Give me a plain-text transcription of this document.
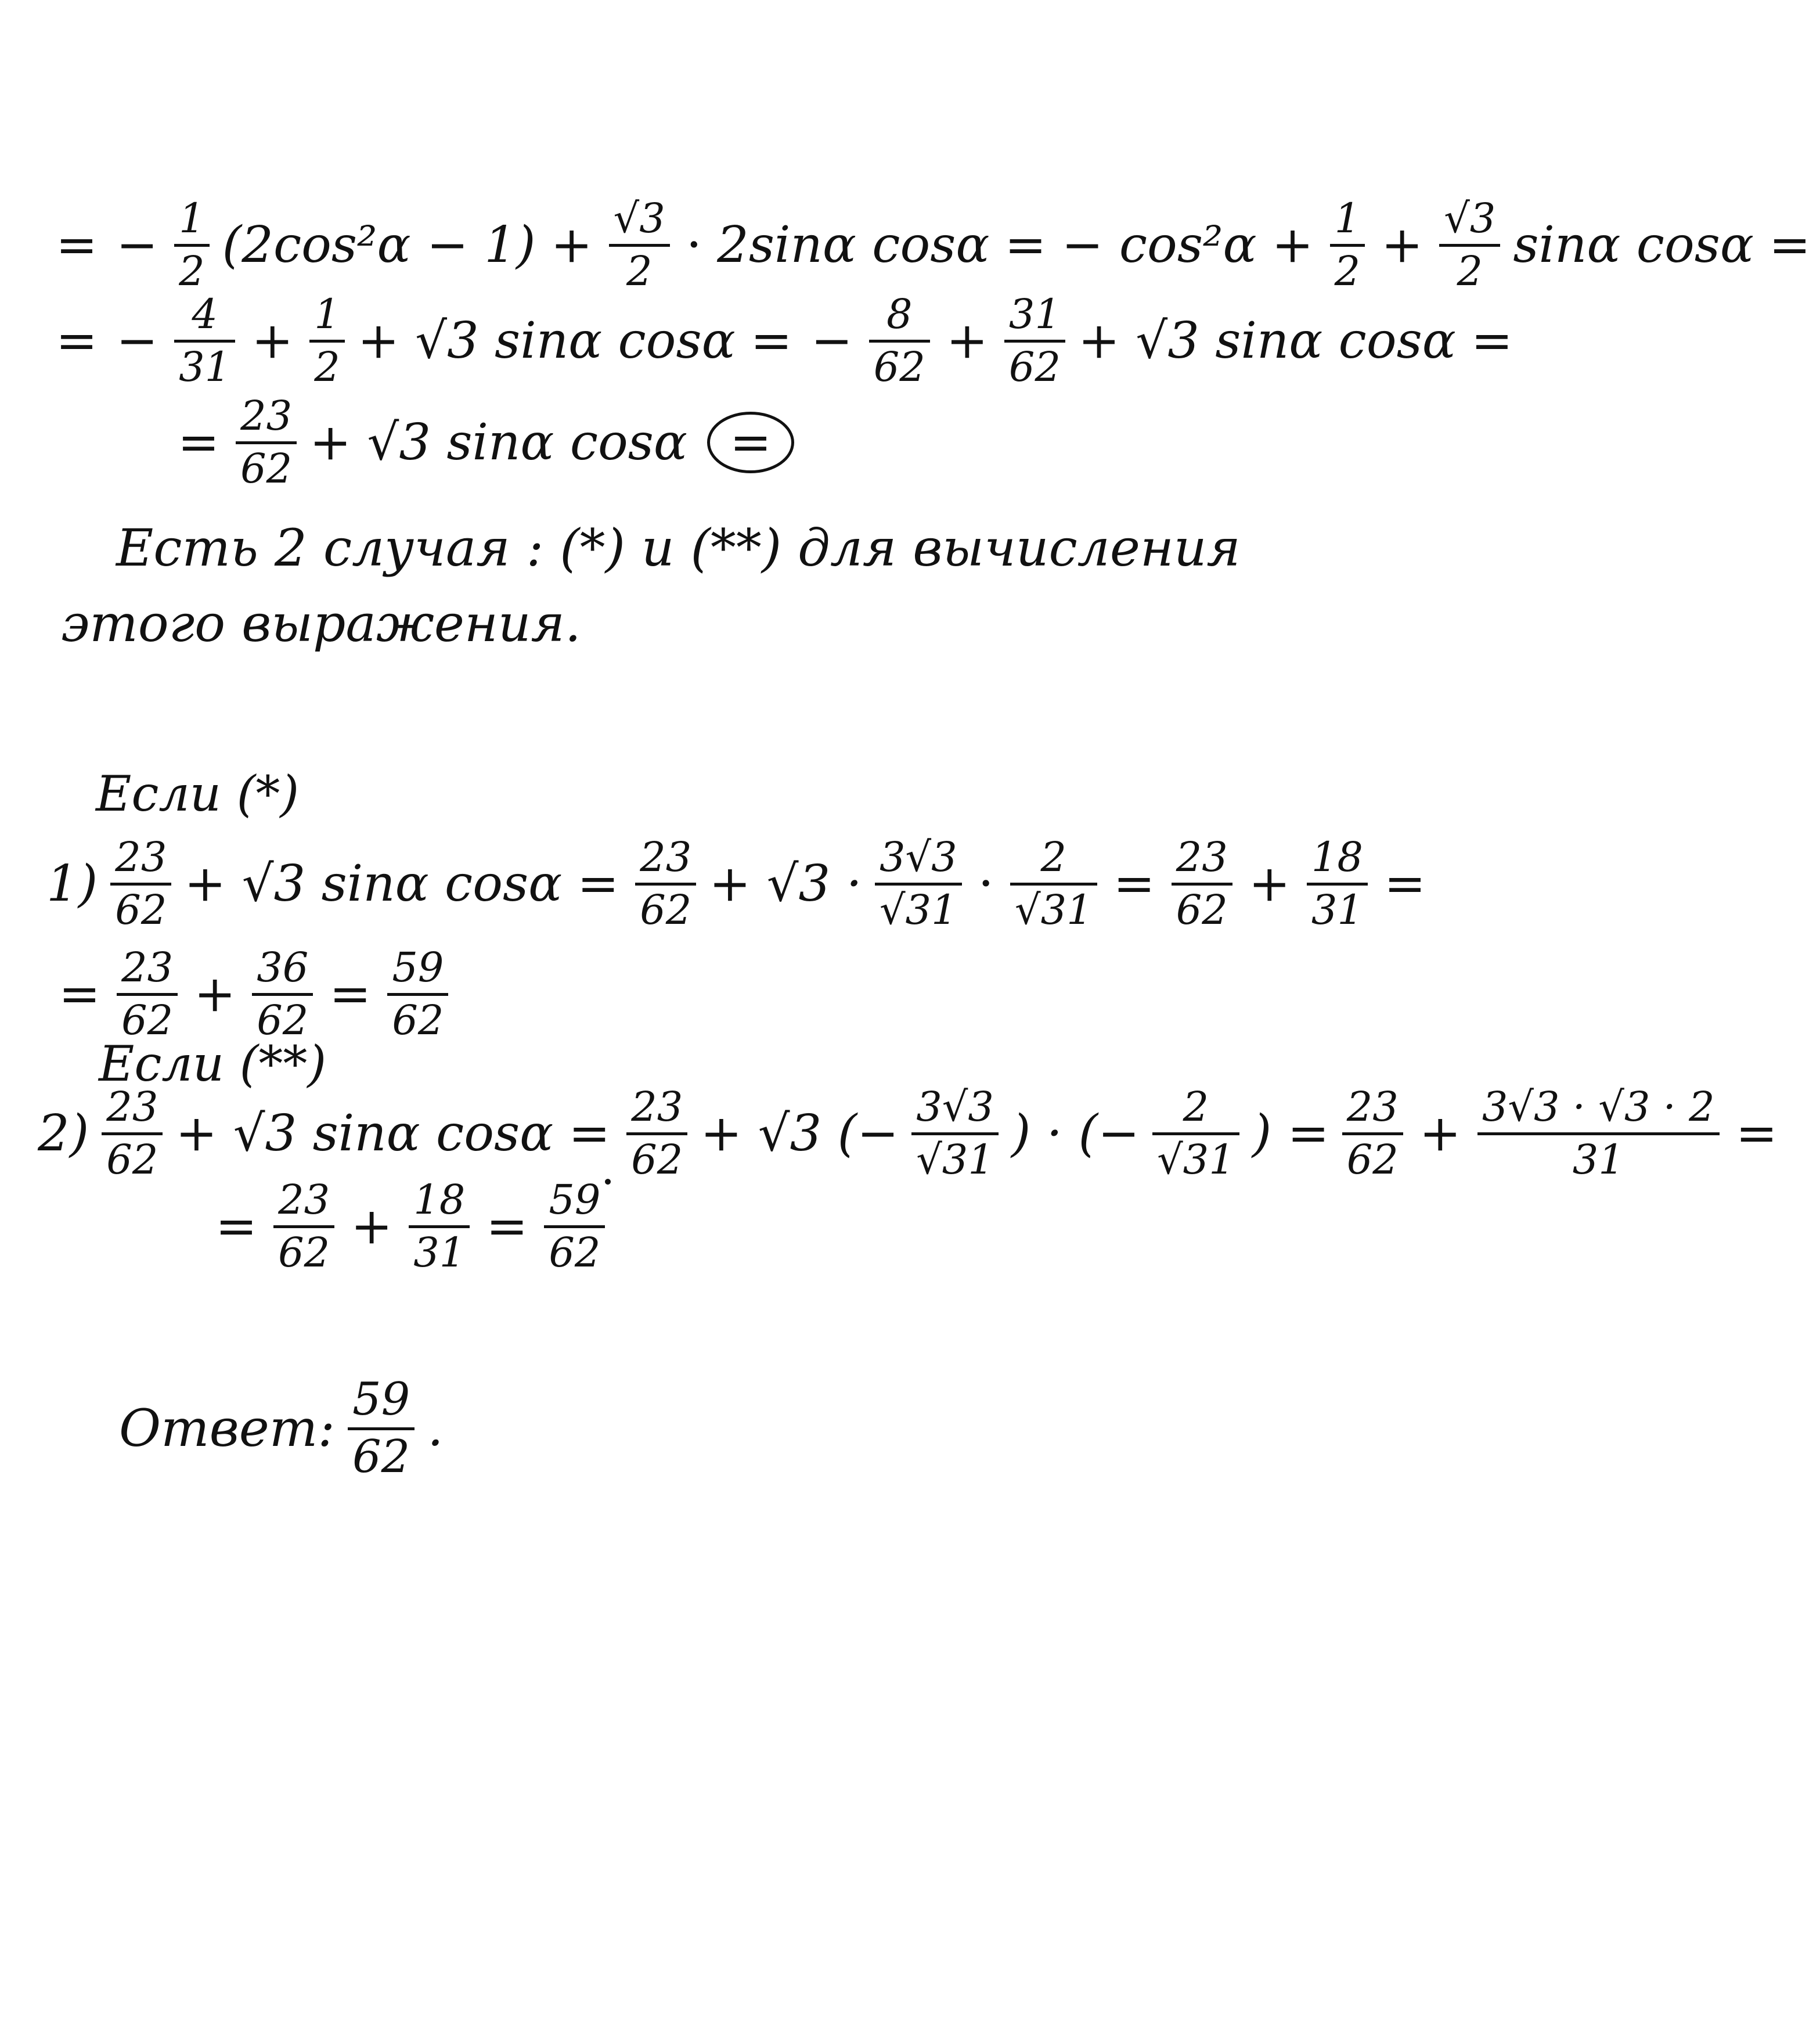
= − 1
2 (2cos²α − 1) + √3
2 · 2sinα cosα = − cos²α + 1
2 + √3
2 sinα cosα =
= − 4
31 + 1
2 + √3 sinα cosα = − 8
62 + 31
62 + √3 sinα cosα =
= 23
62 + √3 sinα cosα =
Есть 2 случая : (*) и (**) для вычисления
этого выражения.
Если (*)
1) 23
62 + √3 sinα cosα = 23
62 + √3 · 3√3
√31 · 2
√31 = 23
62 + 18
31 =
= 23
62 + 36
62 = 59
62
Если (**)
2) 23
62 + √3 sinα cosα = 23
62 + √3 (− 3√3
√31 ) · (− 2
√31 ) = 23
62 + 3√3 · √3 · 2
31 =
= 23
62 + 18
31 = 59
62
Ответ: 59
62 .
